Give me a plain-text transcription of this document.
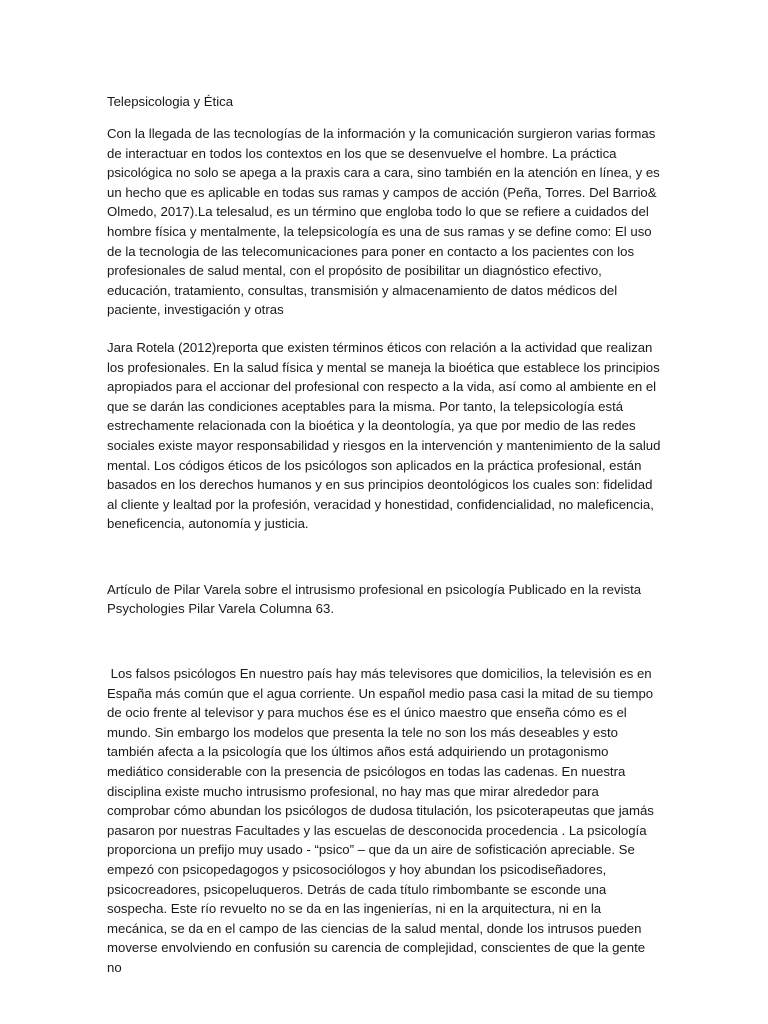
Telepsicologia y Ética

Con la llegada de las tecnologías de la información y la comunicación surgieron varias formas de interactuar en todos los contextos en los que se desenvuelve el hombre. La práctica psicológica no solo se apega a la praxis cara a cara, sino también en la atención en línea, y es un hecho que es aplicable en todas sus ramas y campos de acción (Peña, Torres. Del Barrio& Olmedo, 2017).La telesalud, es un término que engloba todo lo que se refiere a cuidados del hombre física y mentalmente, la telepsicología es una de sus ramas y se define como: El uso de la tecnologia de las telecomunicaciones para poner en contacto a los pacientes con los profesionales de salud mental, con el propósito de posibilitar un diagnóstico efectivo, educación, tratamiento, consultas, transmisión y almacenamiento de datos médicos del paciente, investigación y otras

Jara Rotela (2012)reporta que existen términos éticos con relación a la actividad que realizan los profesionales. En la salud física y mental se maneja la bioética que establece los principios apropiados para el accionar del profesional con respecto a la vida, así como al ambiente en el que se darán las condiciones aceptables para la misma. Por tanto, la telepsicología está estrechamente relacionada con la bioética y la deontología, ya que por medio de las redes sociales existe mayor responsabilidad y riesgos en la intervención y mantenimiento de la salud mental. Los códigos éticos de los psicólogos son aplicados en la práctica profesional, están basados en los derechos humanos y en sus principios deontológicos los cuales son: fidelidad al cliente y lealtad por la profesión, veracidad y honestidad, confidencialidad, no maleficencia, beneficencia, autonomía y justicia.

Artículo de Pilar Varela sobre el intrusismo profesional en psicología Publicado en la revista Psychologies Pilar Varela Columna 63.

Los falsos psicólogos En nuestro país hay más televisores que domicilios, la televisión es en España más común que el agua corriente. Un español medio pasa casi la mitad de su tiempo de ocio frente al televisor y para muchos ése es el único maestro que enseña cómo es el mundo. Sin embargo los modelos que presenta la tele no son los más deseables y esto también afecta a la psicología que los últimos años está adquiriendo un protagonismo mediático considerable con la presencia de psicólogos en todas las cadenas. En nuestra disciplina existe mucho intrusismo profesional, no hay mas que mirar alrededor para comprobar cómo abundan los psicólogos de dudosa titulación, los psicoterapeutas que jamás pasaron por nuestras Facultades y las escuelas de desconocida procedencia . La psicología proporciona un prefijo muy usado - “psico” – que da un aire de sofisticación apreciable. Se empezó con psicopedagogos y psicosociólogos y hoy abundan los psicodiseñadores, psicocreadores, psicopeluqueros. Detrás de cada título rimbombante se esconde una sospecha. Este río revuelto no se da en las ingenierías, ni en la arquitectura, ni en la mecánica, se da en el campo de las ciencias de la salud mental, donde los intrusos pueden moverse envolviendo en confusión su carencia de complejidad, conscientes de que la gente no
